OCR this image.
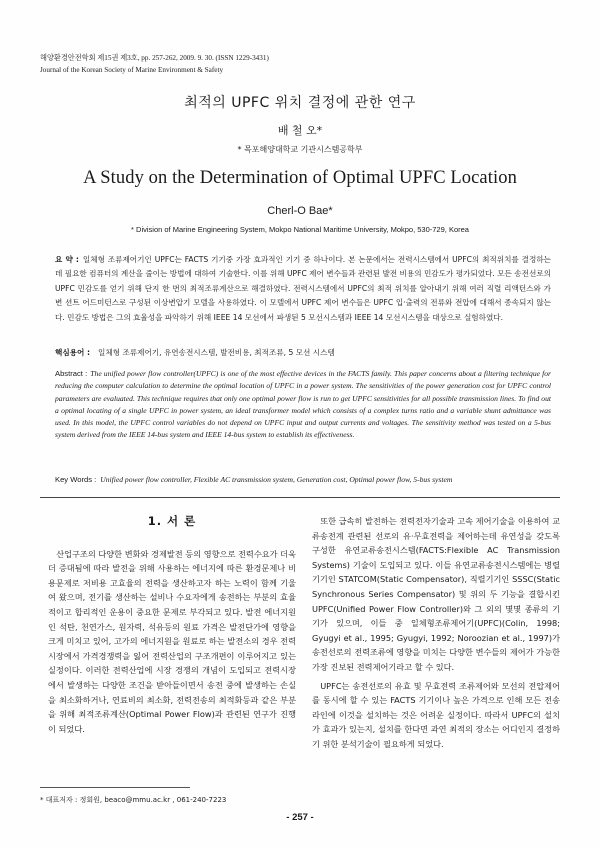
해양환경안전학회 제15권 제3호, pp. 257-262, 2009. 9. 30. (ISSN 1229-3431)
Journal of the Korean Society of Marine Environment & Safety
최적의 UPFC 위치 결정에 관한 연구
배 철 오*
* 목포해양대학교 기관시스템공학부
A Study on the Determination of Optimal UPFC Location
Cherl-O Bae*
* Division of Marine Engineering System, Mokpo National Maritime University, Mokpo, 530-729, Korea
요 약 : 일체형 조류제어기인 UPFC는 FACTS 기기중 가장 효과적인 기기 중 하나이다. 본 논문에서는 전력시스템에서 UPFC의 최적위치를 결정하는 데 필요한 컴퓨터의 계산을 줄이는 방법에 대하여 기술한다. 이를 위해 UPFC 제어 변수들과 관련된 발전 비용의 민감도가 평가되었다. 모든 송전선로의 UPFC 민감도를 얻기 위해 단지 한 번의 최적조류계산으로 해결하였다. 전력시스템에서 UPFC의 최적 위치를 알아내기 위해 여러 직렬 리액턴스와 가변 션트 어드미턴스로 구성된 이상변압기 모델을 사용하였다. 이 모델에서 UPFC 제어 변수들은 UPFC 입·출력의 전류와 전압에 대해서 종속되지 않는다. 민감도 방법은 그의 효율성을 파악하기 위해 IEEE 14 모선에서 파생된 5 모선시스템과 IEEE 14 모선시스템을 대상으로 실험하였다.
핵심용어 : 일체형 조류제어기, 유연송전시스템, 발전비용, 최적조류, 5 모선 시스템
Abstract : The unified power flow controller(UPFC) is one of the most effective devices in the FACTS family. This paper concerns about a filtering technique for reducing the computer calculation to determine the optimal location of UPFC in a power system. The sensitivities of the power generation cost for UPFC control parameters are evaluated. This technique requires that only one optimal power flow is run to get UPFC sensitivities for all possible transmission lines. To find out a optimal locating of a single UPFC in power system, an ideal transformer model which consists of a complex turns ratio and a variable shunt admittance was used. In this model, the UPFC control variables do not depend on UPFC input and output currents and voltages. The sensitivity method was tested on a 5-bus system derived from the IEEE 14-bus system and IEEE 14-bus system to establish its effectiveness.
Key Words : Unified power flow controller, Flexible AC transmission system, Generation cost, Optimal power flow, 5-bus system
1. 서 론

산업구조의 다양한 변화와 경제발전 등의 영향으로 전력수요가 더욱더 증대됨에 따라 발전을 위해 사용하는 에너지에 따른 환경문제나 비용문제로 저비용 고효율의 전력을 생산하고자 하는 노력이 함께 기울여 왔으며, 전기를 생산하는 설비나 수요자에게 송전하는 부분의 효율적이고 합리적인 운용이 중요한 문제로 부각되고 있다. 발전 에너지원인 석탄, 천연가스, 원자력, 석유등의 원료 가격은 발전단가에 영향을 크게 미치고 있어, 고가의 에너지원을 원료로 하는 발전소의 경우 전력시장에서 가격경쟁력을 잃어 전력산업의 구조개편이 이루어지고 있는 실정이다. 이러한 전력산업에 시장 경쟁의 개념이 도입되고 전력시장에서 발생하는 다양한 조건을 받아들이면서 송전 중에 발생하는 손실을 최소화하거나, 연료비의 최소화, 전력전송의 최적화등과 같은 부분을 위해 최적조류계산(Optimal Power Flow)과 관련된 연구가 진행이 되었다.

또한 급속히 발전하는 전력전자기술과 고속 제어기술을 이용하여 교류송전계 관련된 선로의 유·무효전력을 제어하는데 유연성을 갖도록 구성한 유연교류송전시스템(FACTS:Flexible AC Transmission Systems) 기술이 도입되고 있다. 이들 유연교류송전시스템에는 병렬기기인 STATCOM(Static Compensator), 직렬기기인 SSSC(Static Synchronous Series Compensator) 및 위의 두 기능을 결합시킨 UPFC(Unified Power Flow Controller)와 그 외의 몇몇 종류의 기기가 있으며, 이들 중 일체형조류제어기(UPFC)(Colin, 1998; Gyugyi et al., 1995; Gyugyi, 1992; Noroozian et al., 1997)가 송전선로의 전력조류에 영향을 미치는 다양한 변수들의 제어가 가능한 가장 진보된 전력제어기라고 할 수 있다.

UPFC는 송전선로의 유효 및 무효전력 조류제어와 모선의 전압제어를 동시에 할 수 있는 FACTS 기기이나 높은 가격으로 인해 모든 전송 라인에 이것을 설치하는 것은 어려운 실정이다. 따라서 UPFC의 설치가 효과가 있는지, 설치를 한다면 과연 최적의 장소는 어디인지 결정하기 위한 분석기술이 필요하게 되었다.

* 대표저자 : 정회원, beaco@mmu.ac.kr , 061-240-7223
- 257 -
